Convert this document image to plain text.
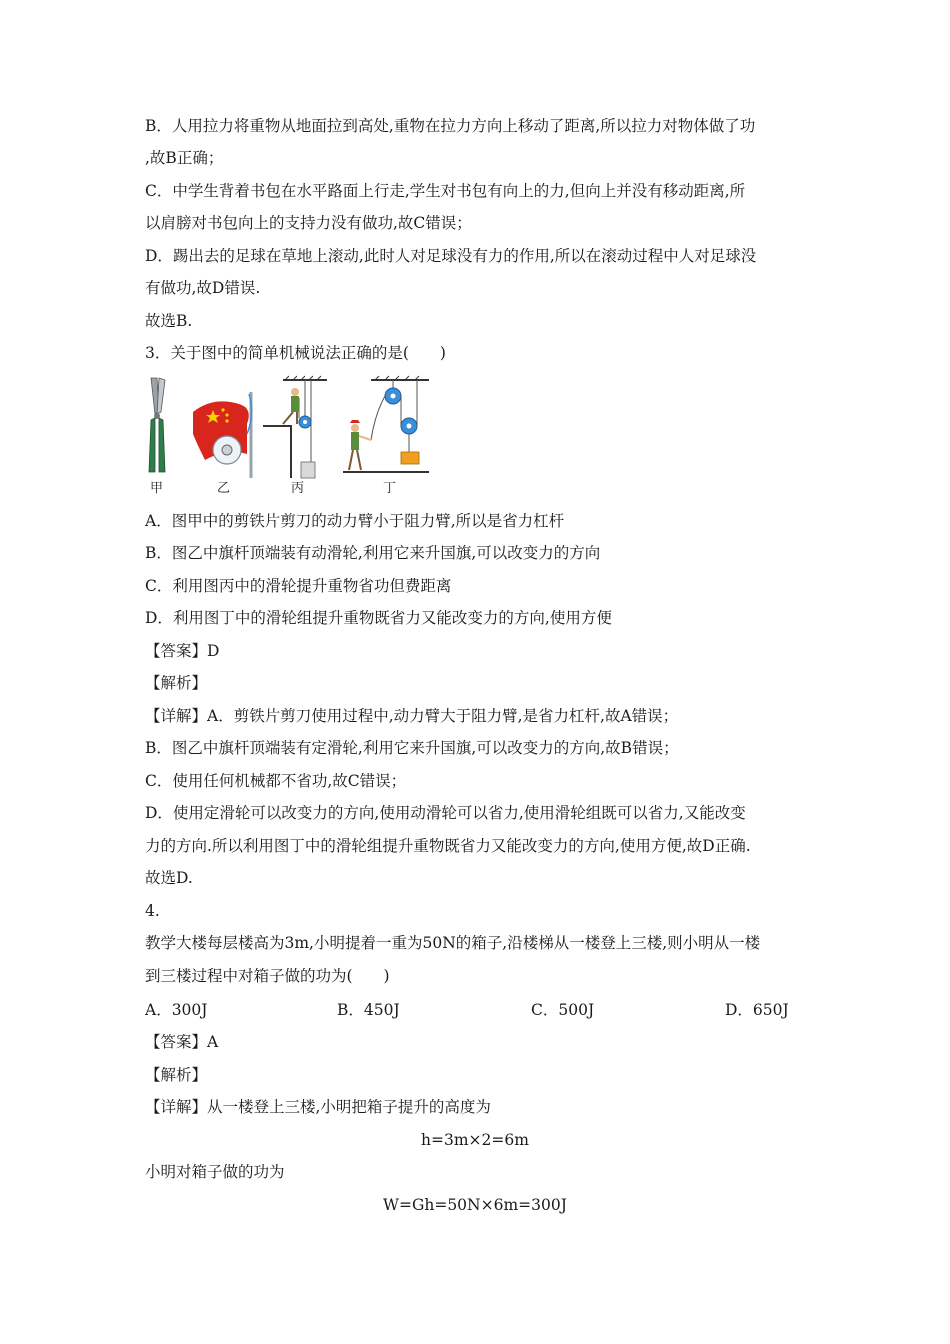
B．人用拉力将重物从地面拉到高处,重物在拉力方向上移动了距离,所以拉力对物体做了功
,故B正确；
C．中学生背着书包在水平路面上行走,学生对书包有向上的力,但向上并没有移动距离,所
以肩膀对书包向上的支持力没有做功,故C错误；
D．踢出去的足球在草地上滚动,此时人对足球没有力的作用,所以在滚动过程中人对足球没
有做功,故D错误.
故选B.
3．关于图中的简单机械说法正确的是(　　)
甲	乙	丙	丁
A．图甲中的剪铁片剪刀的动力臂小于阻力臂,所以是省力杠杆
B．图乙中旗杆顶端装有动滑轮,利用它来升国旗,可以改变力的方向
C．利用图丙中的滑轮提升重物省功但费距离
D．利用图丁中的滑轮组提升重物既省力又能改变力的方向,使用方便
【答案】D
【解析】
【详解】A．剪铁片剪刀使用过程中,动力臂大于阻力臂,是省力杠杆,故A错误；
B．图乙中旗杆顶端装有定滑轮,利用它来升国旗,可以改变力的方向,故B错误；
C．使用任何机械都不省功,故C错误；
D．使用定滑轮可以改变力的方向,使用动滑轮可以省力,使用滑轮组既可以省力,又能改变
力的方向.所以利用图丁中的滑轮组提升重物既省力又能改变力的方向,使用方便,故D正确.
故选D.
4.
教学大楼每层楼高为3m,小明提着一重为50N的箱子,沿楼梯从一楼登上三楼,则小明从一楼
到三楼过程中对箱子做的功为(　　)
A．300J	B．450J	C．500J	D．650J
【答案】A
【解析】
【详解】从一楼登上三楼,小明把箱子提升的高度为
h=3m×2=6m
小明对箱子做的功为
W=Gh=50N×6m=300J
